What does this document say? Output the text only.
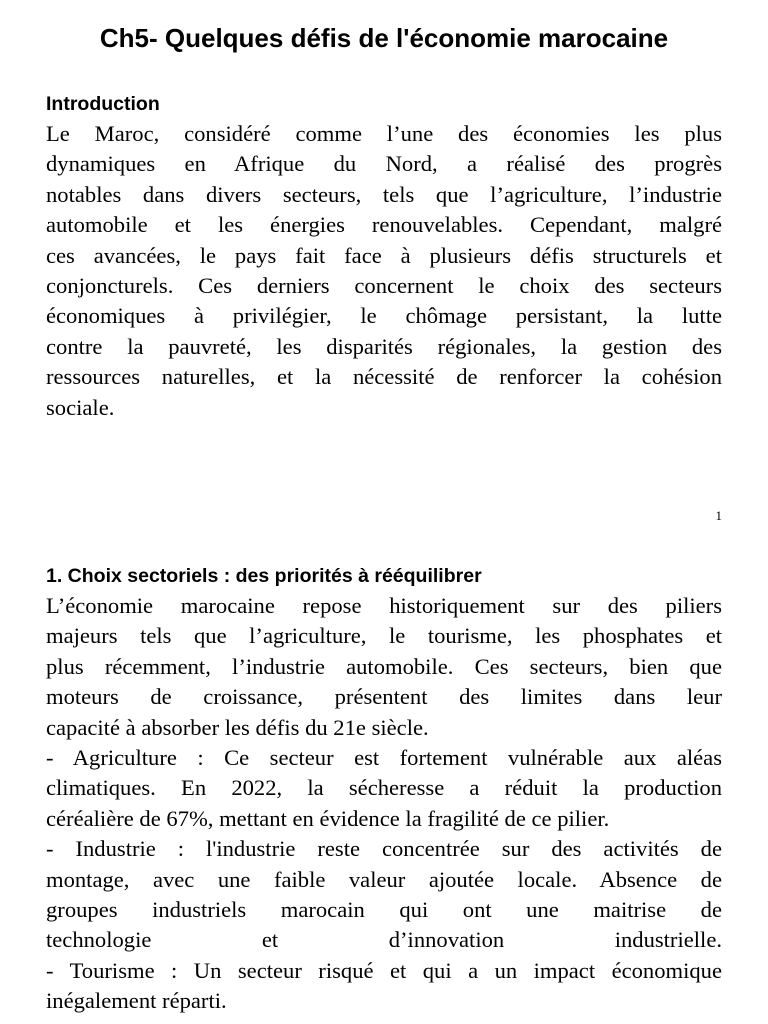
Ch5- Quelques défis de l'économie marocaine
Introduction
Le Maroc, considéré comme l’une des économies les plus
dynamiques en Afrique du Nord, a réalisé des progrès
notables dans divers secteurs, tels que l’agriculture, l’industrie
automobile et les énergies renouvelables. Cependant, malgré
ces avancées, le pays fait face à plusieurs défis structurels et
conjoncturels. Ces derniers concernent le choix des secteurs
économiques à privilégier, le chômage persistant, la lutte
contre la pauvreté, les disparités régionales, la gestion des
ressources naturelles, et la nécessité de renforcer la cohésion
sociale.
1
1. Choix sectoriels : des priorités à rééquilibrer
L’économie marocaine repose historiquement sur des piliers
majeurs tels que l’agriculture, le tourisme, les phosphates et
plus récemment, l’industrie automobile. Ces secteurs, bien que
moteurs de croissance, présentent des limites dans leur
capacité à absorber les défis du 21e siècle.
- Agriculture : Ce secteur est fortement vulnérable aux aléas
climatiques. En 2022, la sécheresse a réduit la production
céréalière de 67%, mettant en évidence la fragilité de ce pilier.
- Industrie : l'industrie reste concentrée sur des activités de
montage, avec une faible valeur ajoutée locale. Absence de
groupes industriels marocain qui ont une maitrise de
technologie et d’innovation industrielle.
- Tourisme : Un secteur risqué et qui a un impact économique
inégalement réparti.
